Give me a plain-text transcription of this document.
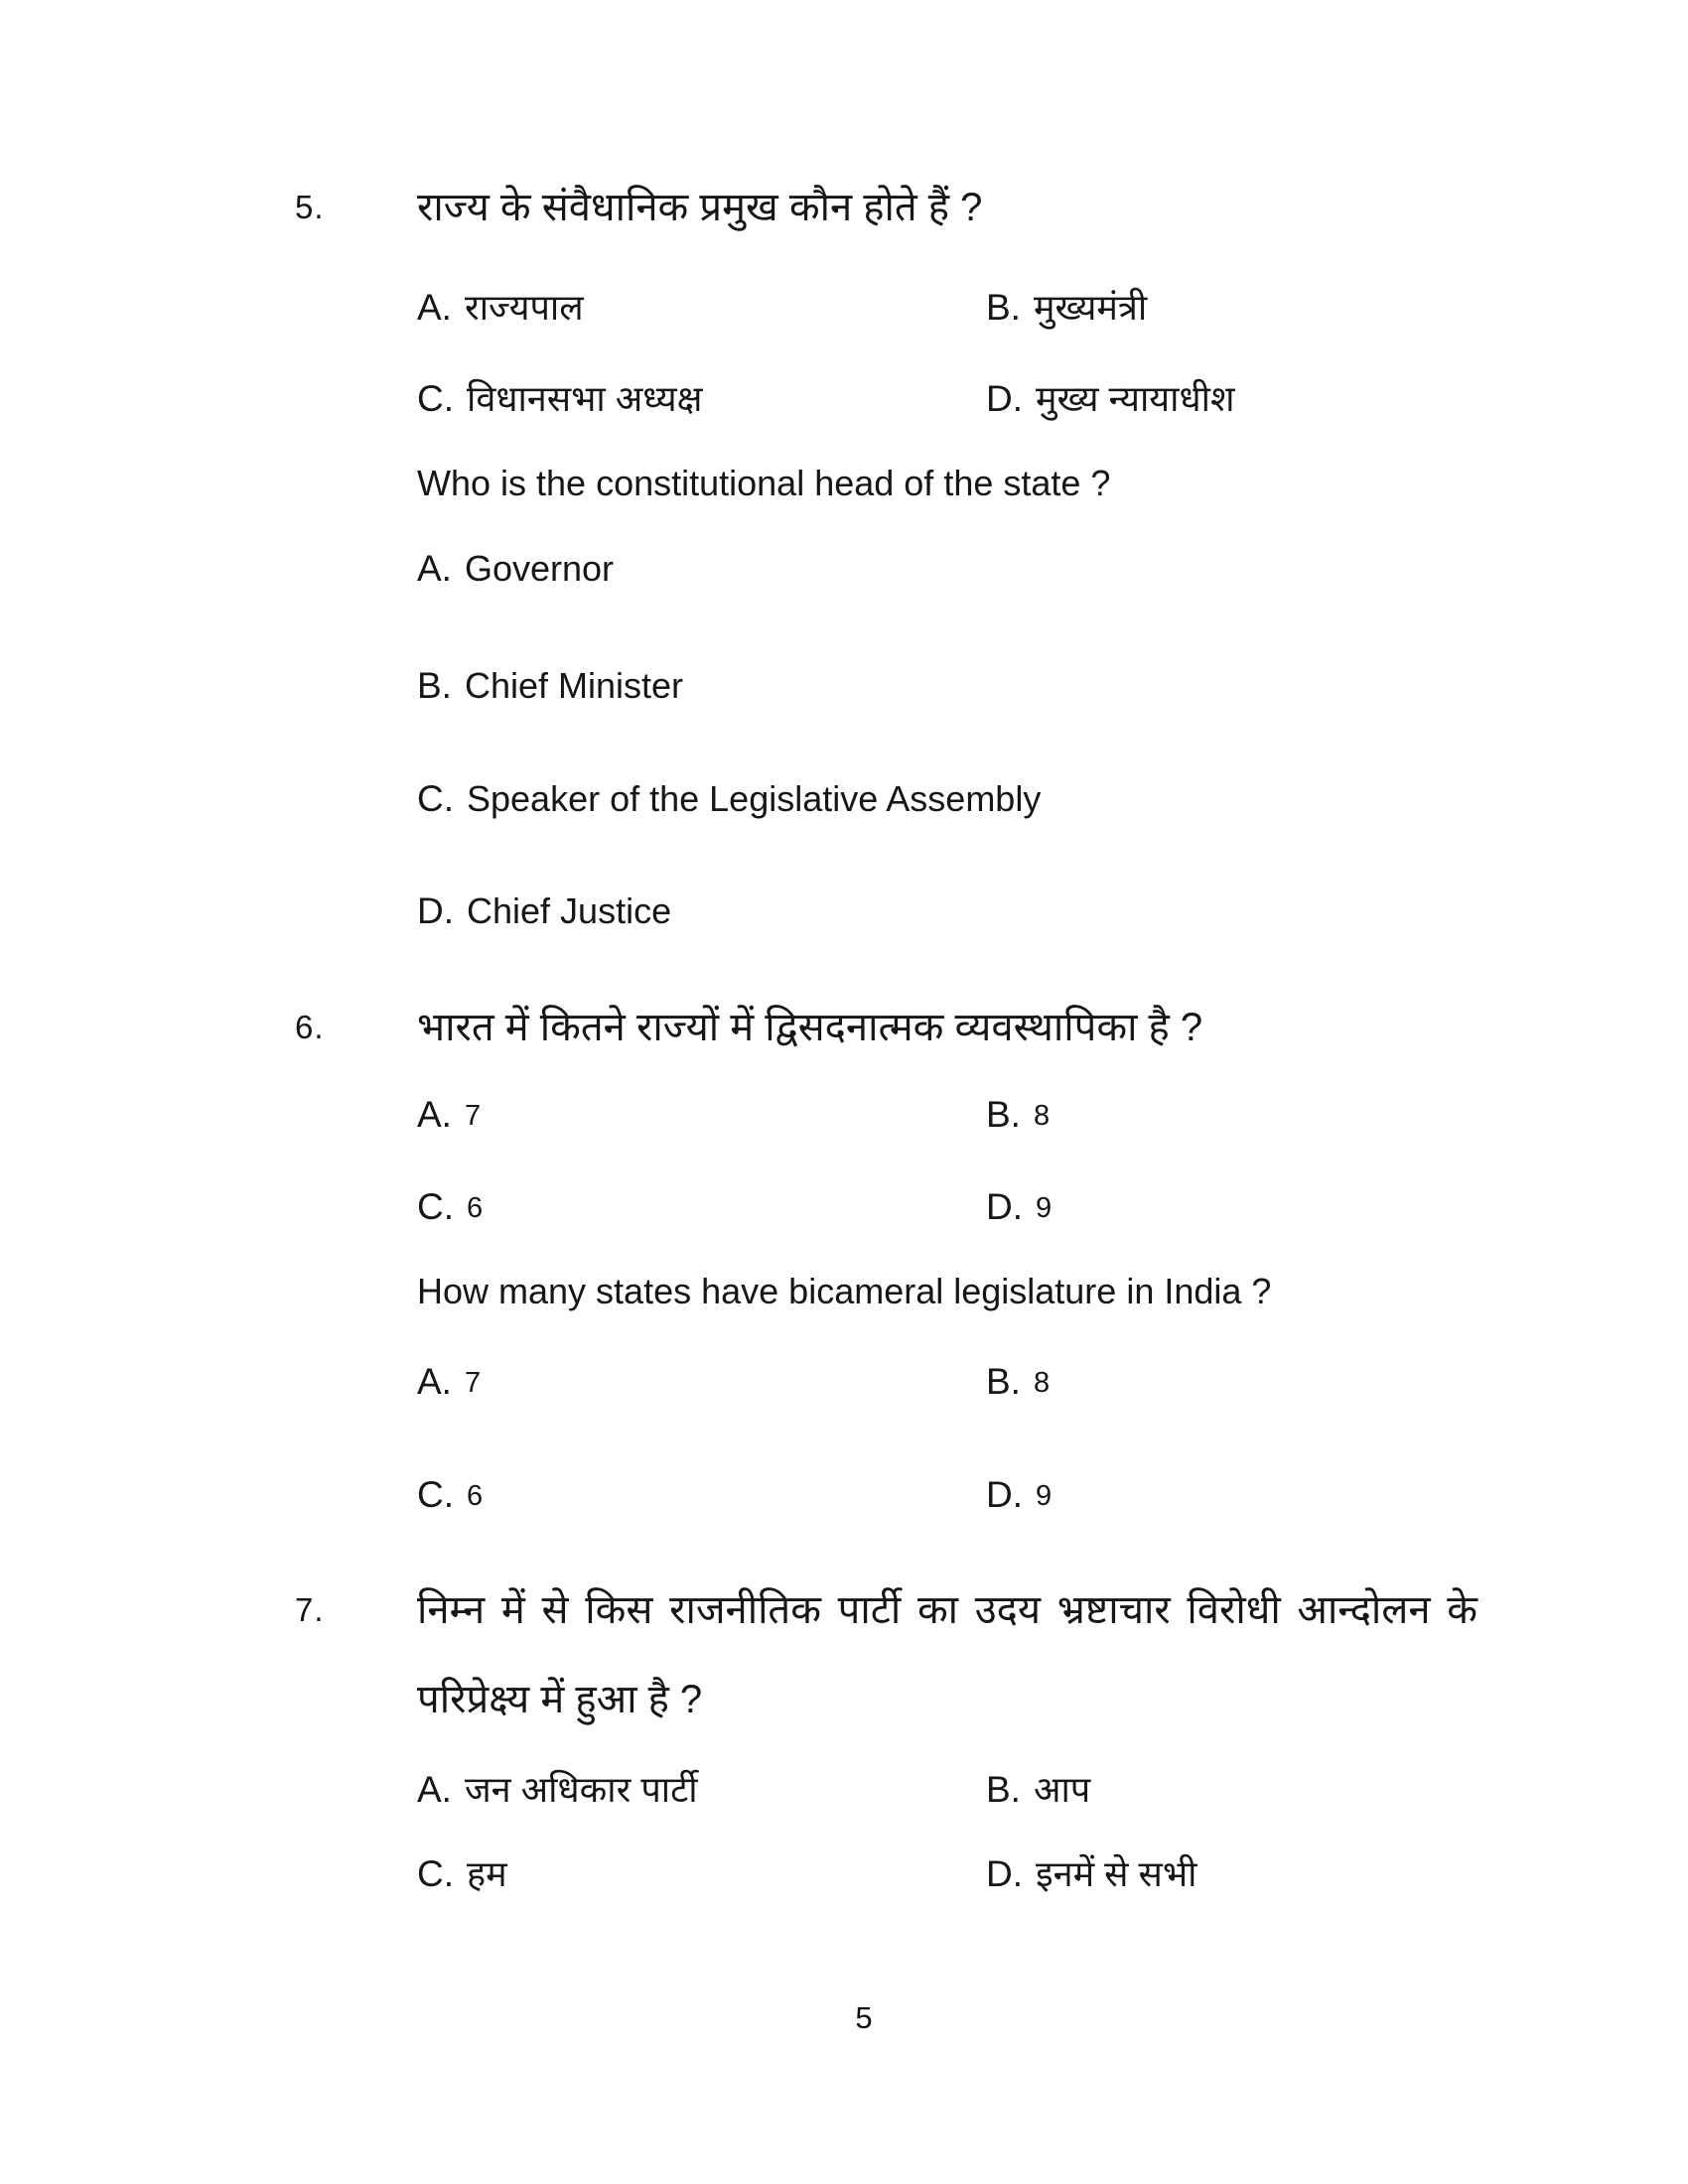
5.	राज्य के संवैधानिक प्रमुख कौन होते हैं ?
A. राज्यपाल	B. मुख्यमंत्री
C. विधानसभा अध्यक्ष	D. मुख्य न्यायाधीश
Who is the constitutional head of the state ?
A. Governor
B. Chief Minister
C. Speaker of the Legislative Assembly
D. Chief Justice
6.	भारत में कितने राज्यों में द्विसदनात्मक व्यवस्थापिका है ?
A. 7	B. 8
C. 6	D. 9
How many states have bicameral legislature in India ?
A. 7	B. 8
C. 6	D. 9
7.	निम्न में से किस राजनीतिक पार्टी का उदय भ्रष्टाचार विरोधी आन्दोलन के
परिप्रेक्ष्य में हुआ है ?
A. जन अधिकार पार्टी	B. आप
C. हम	D. इनमें से सभी
5
